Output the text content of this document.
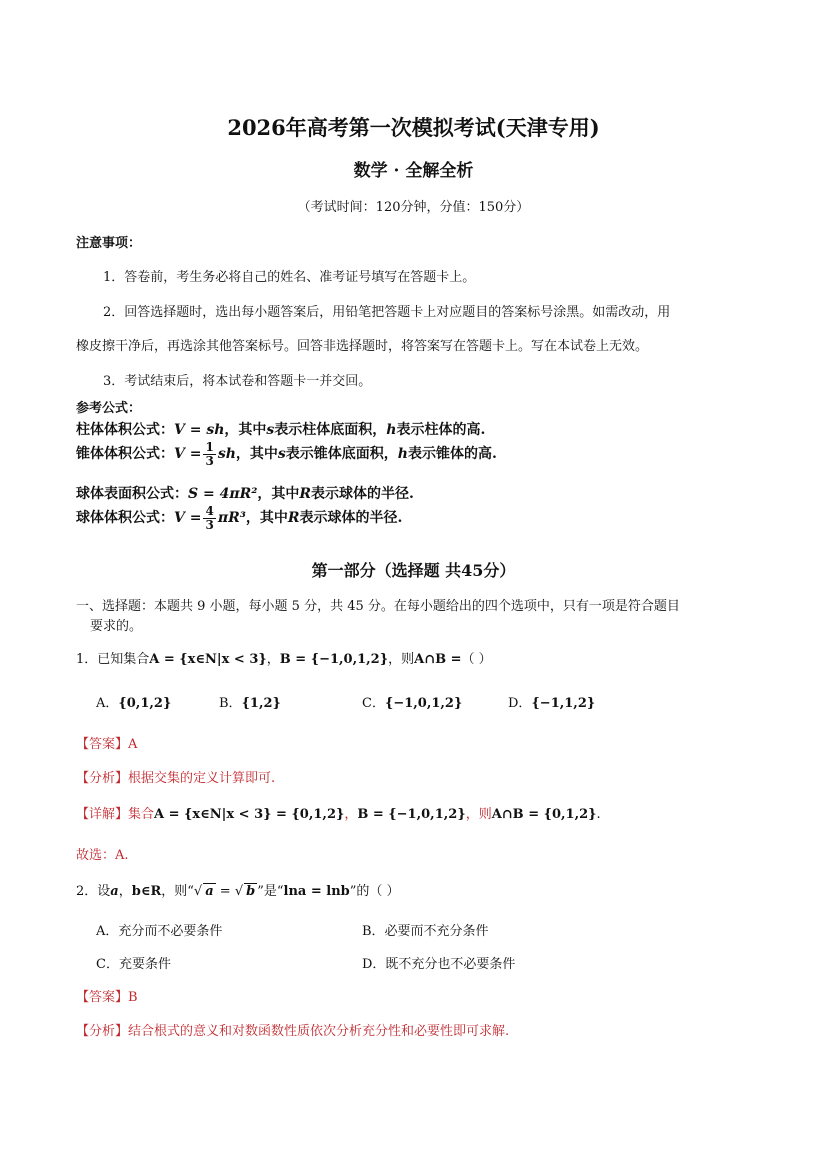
2026年高考第一次模拟考试(天津专用)
数学 · 全解全析
（考试时间：120分钟，分值：150分）
注意事项：
1．答卷前，考生务必将自己的姓名、准考证号填写在答题卡上。
2．回答选择题时，选出每小题答案后，用铅笔把答题卡上对应题目的答案标号涂黑。如需改动，用
橡皮擦干净后，再选涂其他答案标号。回答非选择题时，将答案写在答题卡上。写在本试卷上无效。
3．考试结束后，将本试卷和答题卡一并交回。
参考公式：
柱体体积公式：V = sh，其中s表示柱体底面积，h表示柱体的高.
锥体体积公式：$V = \frac{1}{3}$ sh，其中s表示锥体底面积，h表示锥体的高.
球体表面积公式：S = 4πR²，其中R表示球体的半径.
球体体积公式：$V = \frac{4}{3} \pi R^3$，其中R表示球体的半径.
第一部分（选择题 共45分）
一、选择题：本题共 9 小题，每小题 5 分，共 45 分。在每小题给出的四个选项中，只有一项是符合题目
要求的。
1．已知集合A = {x∈N|x < 3}，B = {−1,0,1,2}，则A∩B =（ ）
A．{0,1,2}	B．{1,2}	C．{−1,0,1,2}	D．{−1,1,2}
【答案】A
【分析】根据交集的定义计算即可.
【详解】集合A = {x∈N|x < 3} = {0,1,2}，B = {−1,0,1,2}，则A∩B = {0,1,2}.
故选：A.
2．设a，b∈R，则“√ a = √ b ”是“lna = lnb”的（ ）
A．充分而不必要条件	B．必要而不充分条件
C．充要条件	D．既不充分也不必要条件
【答案】B
【分析】结合根式的意义和对数函数性质依次分析充分性和必要性即可求解.
